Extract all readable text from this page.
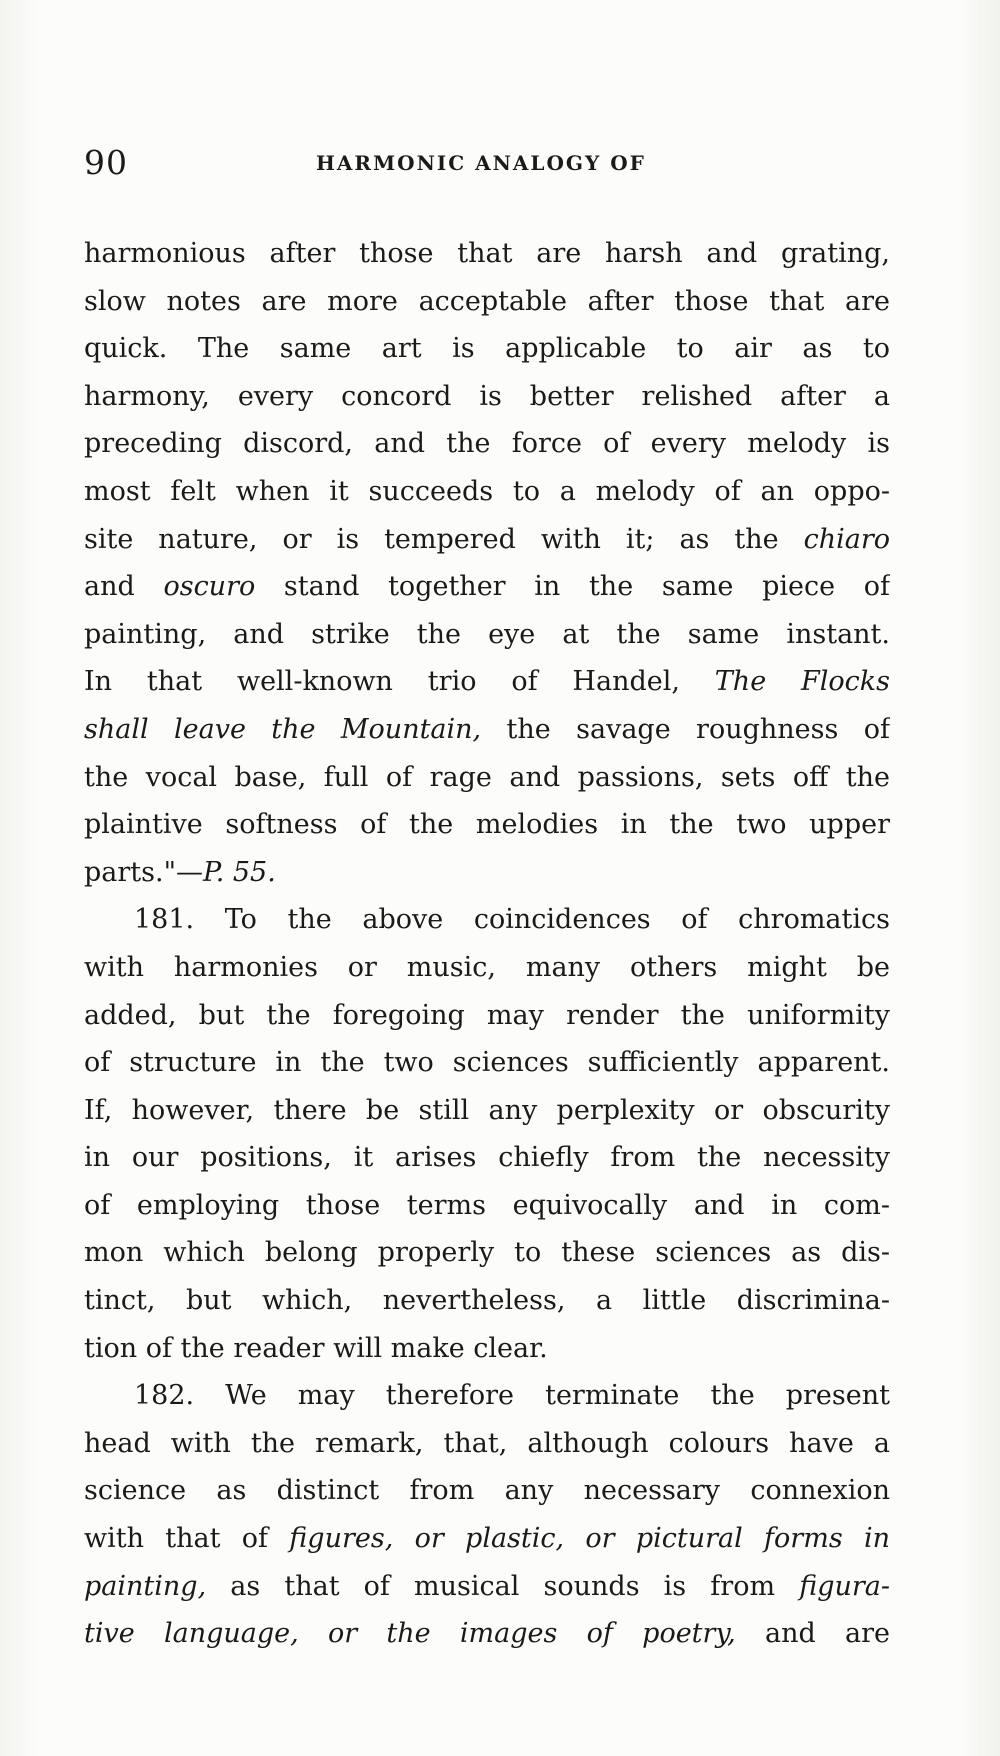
90	HARMONIC ANALOGY OF
harmonious after those that are harsh and grating,
slow notes are more acceptable after those that are
quick. The same art is applicable to air as to
harmony, every concord is better relished after a
preceding discord, and the force of every melody is
most felt when it succeeds to a melody of an oppo-
site nature, or is tempered with it; as the chiaro
and oscuro stand together in the same piece of
painting, and strike the eye at the same instant.
In that well-known trio of Handel, The Flocks
shall leave the Mountain, the savage roughness of
the vocal base, full of rage and passions, sets off the
plaintive softness of the melodies in the two upper
parts."—P. 55.
181. To the above coincidences of chromatics
with harmonies or music, many others might be
added, but the foregoing may render the uniformity
of structure in the two sciences sufficiently apparent.
If, however, there be still any perplexity or obscurity
in our positions, it arises chiefly from the necessity
of employing those terms equivocally and in com-
mon which belong properly to these sciences as dis-
tinct, but which, nevertheless, a little discrimina-
tion of the reader will make clear.
182. We may therefore terminate the present
head with the remark, that, although colours have a
science as distinct from any necessary connexion
with that of figures, or plastic, or pictural forms in
painting, as that of musical sounds is from figura-
tive language, or the images of poetry, and are
